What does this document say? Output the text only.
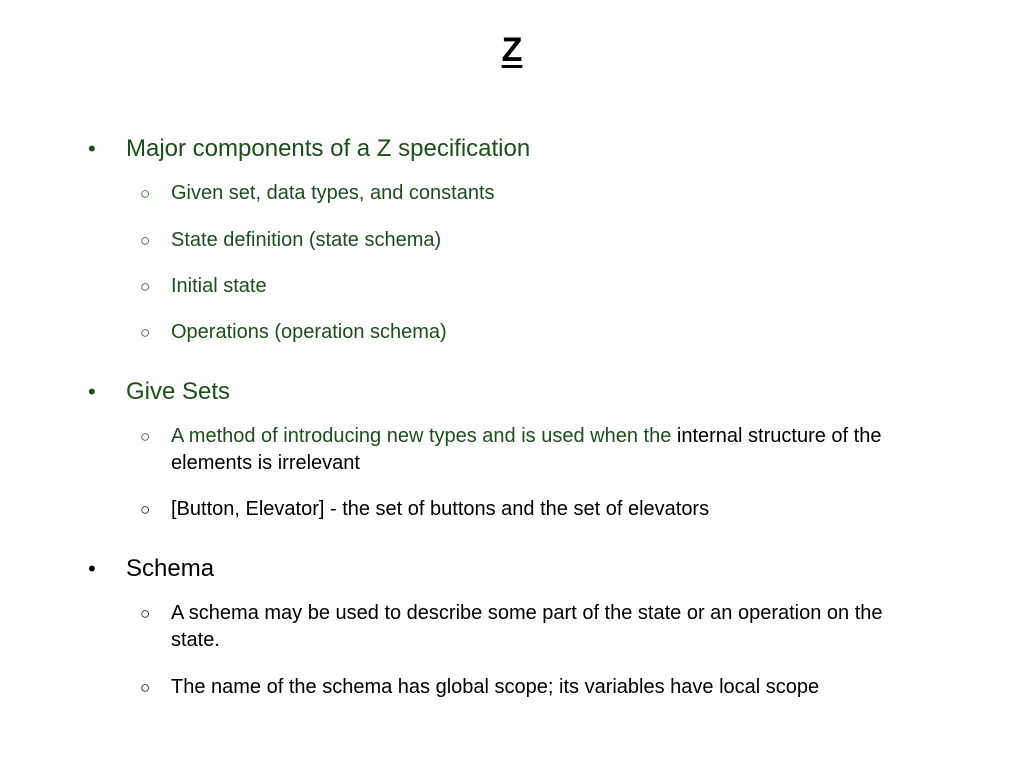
Z
• Major components of a Z specification
○ Given set, data types, and constants
○ State definition (state schema)
○ Initial state
○ Operations (operation schema)
• Give Sets
○ A method of introducing new types and is used when the internal structure of the elements is irrelevant
○ [Button, Elevator] - the set of buttons and the set of elevators
• Schema
○ A schema may be used to describe some part of the state or an operation on the state.
○ The name of the schema has global scope; its variables have local scope
